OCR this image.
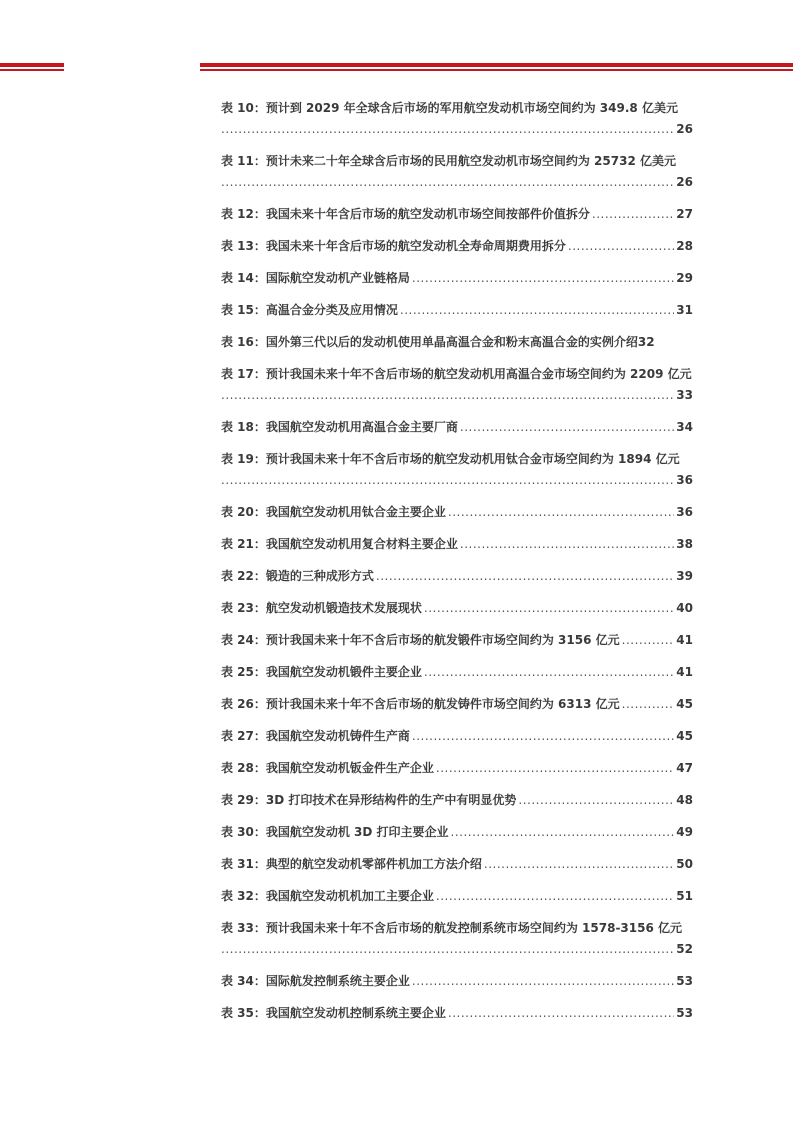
表 10：预计到 2029 年全球含后市场的军用航空发动机市场空间约为 349.8 亿美元
.....
26
表 11：预计未来二十年全球含后市场的民用航空发动机市场空间约为 25732 亿美元
.....
26
表 12：我国未来十年含后市场的航空发动机市场空间按部件价值拆分 .....	27
表 13：我国未来十年含后市场的航空发动机全寿命周期费用拆分 .....	28
表 14：国际航空发动机产业链格局 .....	29
表 15：高温合金分类及应用情况 .....	31
表 16：国外第三代以后的发动机使用单晶高温合金和粉末高温合金的实例介绍32
表 17：预计我国未来十年不含后市场的航空发动机用高温合金市场空间约为 2209 亿元
.....
33
表 18：我国航空发动机用高温合金主要厂商 .....	34
表 19：预计我国未来十年不含后市场的航空发动机用钛合金市场空间约为 1894 亿元
.....
36
表 20：我国航空发动机用钛合金主要企业 .....	36
表 21：我国航空发动机用复合材料主要企业 .....	38
表 22：锻造的三种成形方式 .....	39
表 23：航空发动机锻造技术发展现状 .....	40
表 24：预计我国未来十年不含后市场的航发锻件市场空间约为 3156 亿元 .....	41
表 25：我国航空发动机锻件主要企业 .....	41
表 26：预计我国未来十年不含后市场的航发铸件市场空间约为 6313 亿元 .....	45
表 27：我国航空发动机铸件生产商 .....	45
表 28：我国航空发动机钣金件生产企业 .....	47
表 29：3D 打印技术在异形结构件的生产中有明显优势 .....	48
表 30：我国航空发动机 3D 打印主要企业 .....	49
表 31：典型的航空发动机零部件机加工方法介绍 .....	50
表 32：我国航空发动机机加工主要企业 .....	51
表 33：预计我国未来十年不含后市场的航发控制系统市场空间约为 1578-3156 亿元
.....
52
表 34：国际航发控制系统主要企业 .....	53
表 35：我国航空发动机控制系统主要企业 .....	53
